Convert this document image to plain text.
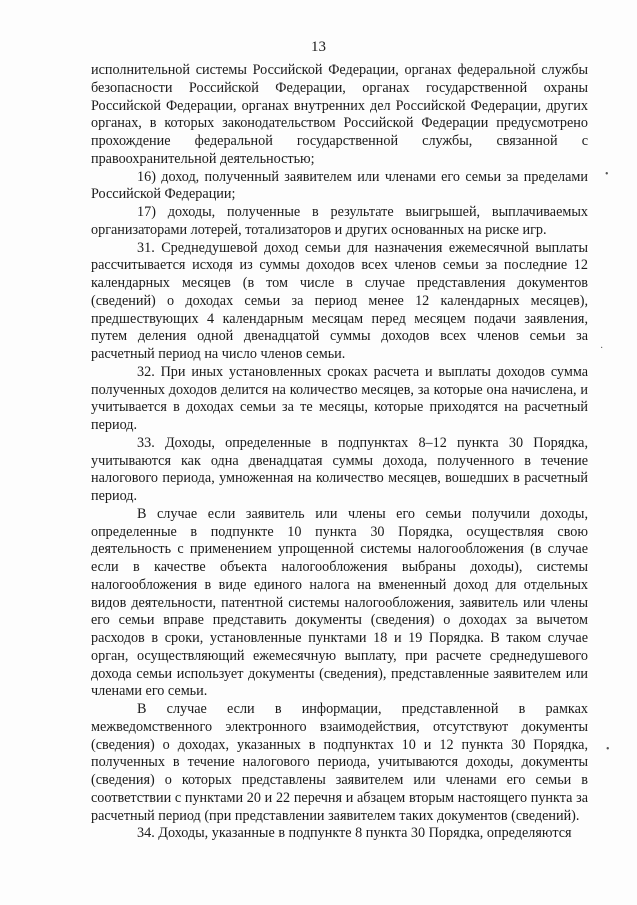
13

исполнительной системы Российской Федерации, органах федеральной службы безопасности Российской Федерации, органах государственной охраны Российской Федерации, органах внутренних дел Российской Федерации, других органах, в которых законодательством Российской Федерации предусмотрено прохождение федеральной государственной службы, связанной с правоохранительной деятельностью;

16) доход, полученный заявителем или членами его семьи за пределами Российской Федерации;

17) доходы, полученные в результате выигрышей, выплачиваемых организаторами лотерей, тотализаторов и других основанных на риске игр.

31. Среднедушевой доход семьи для назначения ежемесячной выплаты рассчитывается исходя из суммы доходов всех членов семьи за последние 12 календарных месяцев (в том числе в случае представления документов (сведений) о доходах семьи за период менее 12 календарных месяцев), предшествующих 4 календарным месяцам перед месяцем подачи заявления, путем деления одной двенадцатой суммы доходов всех членов семьи за расчетный период на число членов семьи.

32. При иных установленных сроках расчета и выплаты доходов сумма полученных доходов делится на количество месяцев, за которые она начислена, и учитывается в доходах семьи за те месяцы, которые приходятся на расчетный период.

33. Доходы, определенные в подпунктах 8–12 пункта 30 Порядка, учитываются как одна двенадцатая суммы дохода, полученного в течение налогового периода, умноженная на количество месяцев, вошедших в расчетный период.

В случае если заявитель или члены его семьи получили доходы, определенные в подпункте 10 пункта 30 Порядка, осуществляя свою деятельность с применением упрощенной системы налогообложения (в случае если в качестве объекта налогообложения выбраны доходы), системы налогообложения в виде единого налога на вмененный доход для отдельных видов деятельности, патентной системы налогообложения, заявитель или члены его семьи вправе представить документы (сведения) о доходах за вычетом расходов в сроки, установленные пунктами 18 и 19 Порядка. В таком случае орган, осуществляющий ежемесячную выплату, при расчете среднедушевого дохода семьи использует документы (сведения), представленные заявителем или членами его семьи.

В случае если в информации, представленной в рамках межведомственного электронного взаимодействия, отсутствуют документы (сведения) о доходах, указанных в подпунктах 10 и 12 пункта 30 Порядка, полученных в течение налогового периода, учитываются доходы, документы (сведения) о которых представлены заявителем или членами его семьи в соответствии с пунктами 20 и 22 перечня и абзацем вторым настоящего пункта за расчетный период (при представлении заявителем таких документов (сведений).

34. Доходы, указанные в подпункте 8 пункта 30 Порядка, определяются

•
·
•
